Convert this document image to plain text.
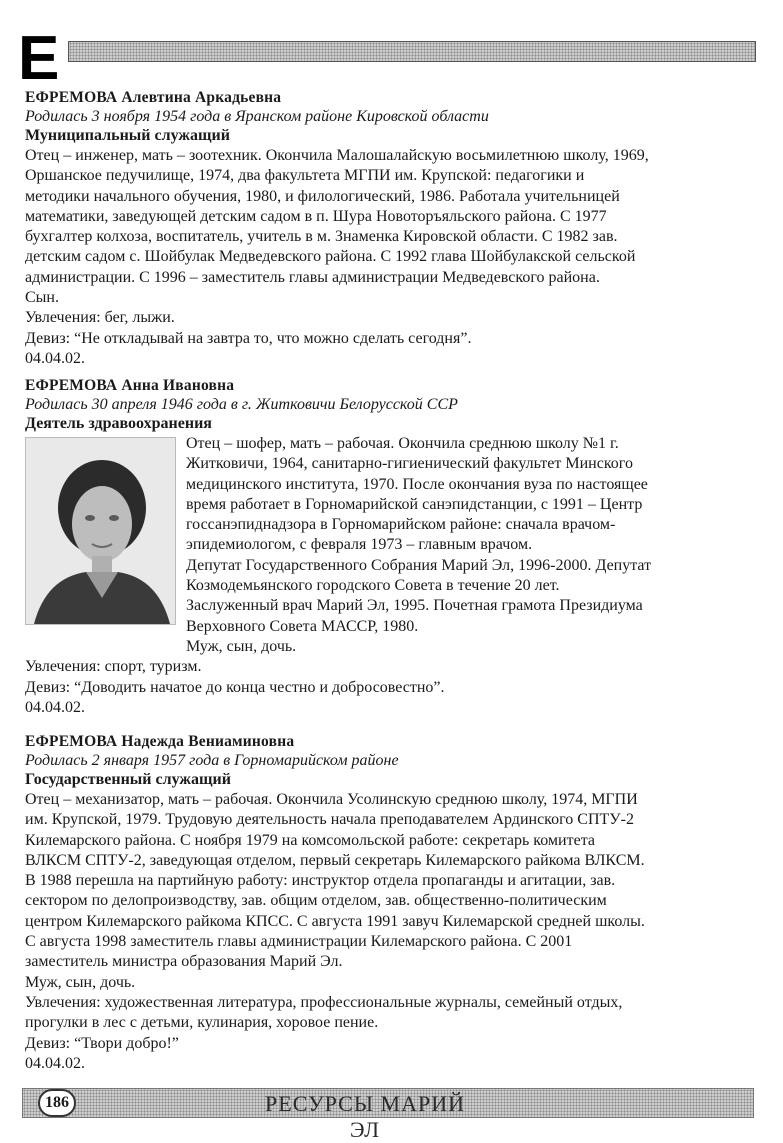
Е
ЕФРЕМОВА Алевтина Аркадьевна
Родилась 3 ноября 1954 года в Яранском районе Кировской области
Муниципальный служащий

Отец – инженер, мать – зоотехник. Окончила Малошалайскую восьмилетнюю школу, 1969,

Оршанское педучилище, 1974, два факультета МГПИ им. Крупской: педагогики и

методики начального обучения, 1980, и филологический, 1986. Работала учительницей

математики, заведующей детским садом в п. Шура Новоторъяльского района. С 1977

бухгалтер колхоза, воспитатель, учитель в м. Знаменка Кировской области. С 1982 зав.

детским садом с. Шойбулак Медведевского района. С 1992 глава Шойбулакской сельской

администрации. С 1996 – заместитель главы администрации Медведевского района.

Сын.

Увлечения: бег, лыжи.

Девиз: “Не откладывай на завтра то, что можно сделать сегодня”.

04.04.02.

ЕФРЕМОВА Анна Ивановна
Родилась 30 апреля 1946 года в г. Житковичи Белорусской ССР
Деятель здравоохранения

Отец – шофер, мать – рабочая. Окончила среднюю школу №1 г.

Житковичи, 1964, санитарно-гигиенический факультет Минского

медицинского института, 1970. После окончания вуза по настоящее

время работает в Горномарийской санэпидстанции, с 1991 – Центр

госсанэпиднадзора в Горномарийском районе: сначала врачом-

эпидемиологом, с февраля 1973 – главным врачом.

Депутат Государственного Собрания Марий Эл, 1996-2000. Депутат

Козмодемьянского городского Совета в течение 20 лет.

Заслуженный врач Марий Эл, 1995. Почетная грамота Президиума

Верховного Совета МАССР, 1980.

Муж, сын, дочь.

Увлечения: спорт, туризм.

Девиз: “Доводить начатое до конца честно и добросовестно”.

04.04.02.

ЕФРЕМОВА Надежда Вениаминовна
Родилась 2 января 1957 года в Горномарийском районе
Государственный служащий

Отец – механизатор, мать – рабочая. Окончила Усолинскую среднюю школу, 1974, МГПИ

им. Крупской, 1979. Трудовую деятельность начала преподавателем Ардинского СПТУ-2

Килемарского района. С ноября 1979 на комсомольской работе: секретарь комитета

ВЛКСМ СПТУ-2, заведующая отделом, первый секретарь Килемарского райкома ВЛКСМ.

В 1988 перешла на партийную работу: инструктор отдела пропаганды и агитации, зав.

сектором по делопроизводству, зав. общим отделом, зав. общественно-политическим

центром Килемарского райкома КПСС. С августа 1991 завуч Килемарской средней школы.

С августа 1998 заместитель главы администрации Килемарского района. С 2001

заместитель министра образования Марий Эл.

Муж, сын, дочь.

Увлечения: художественная литература, профессиональные журналы, семейный отдых,

прогулки в лес с детьми, кулинария, хоровое пение.

Девиз: “Твори добро!”

04.04.02.

186	РЕСУРСЫ МАРИЙ ЭЛ
